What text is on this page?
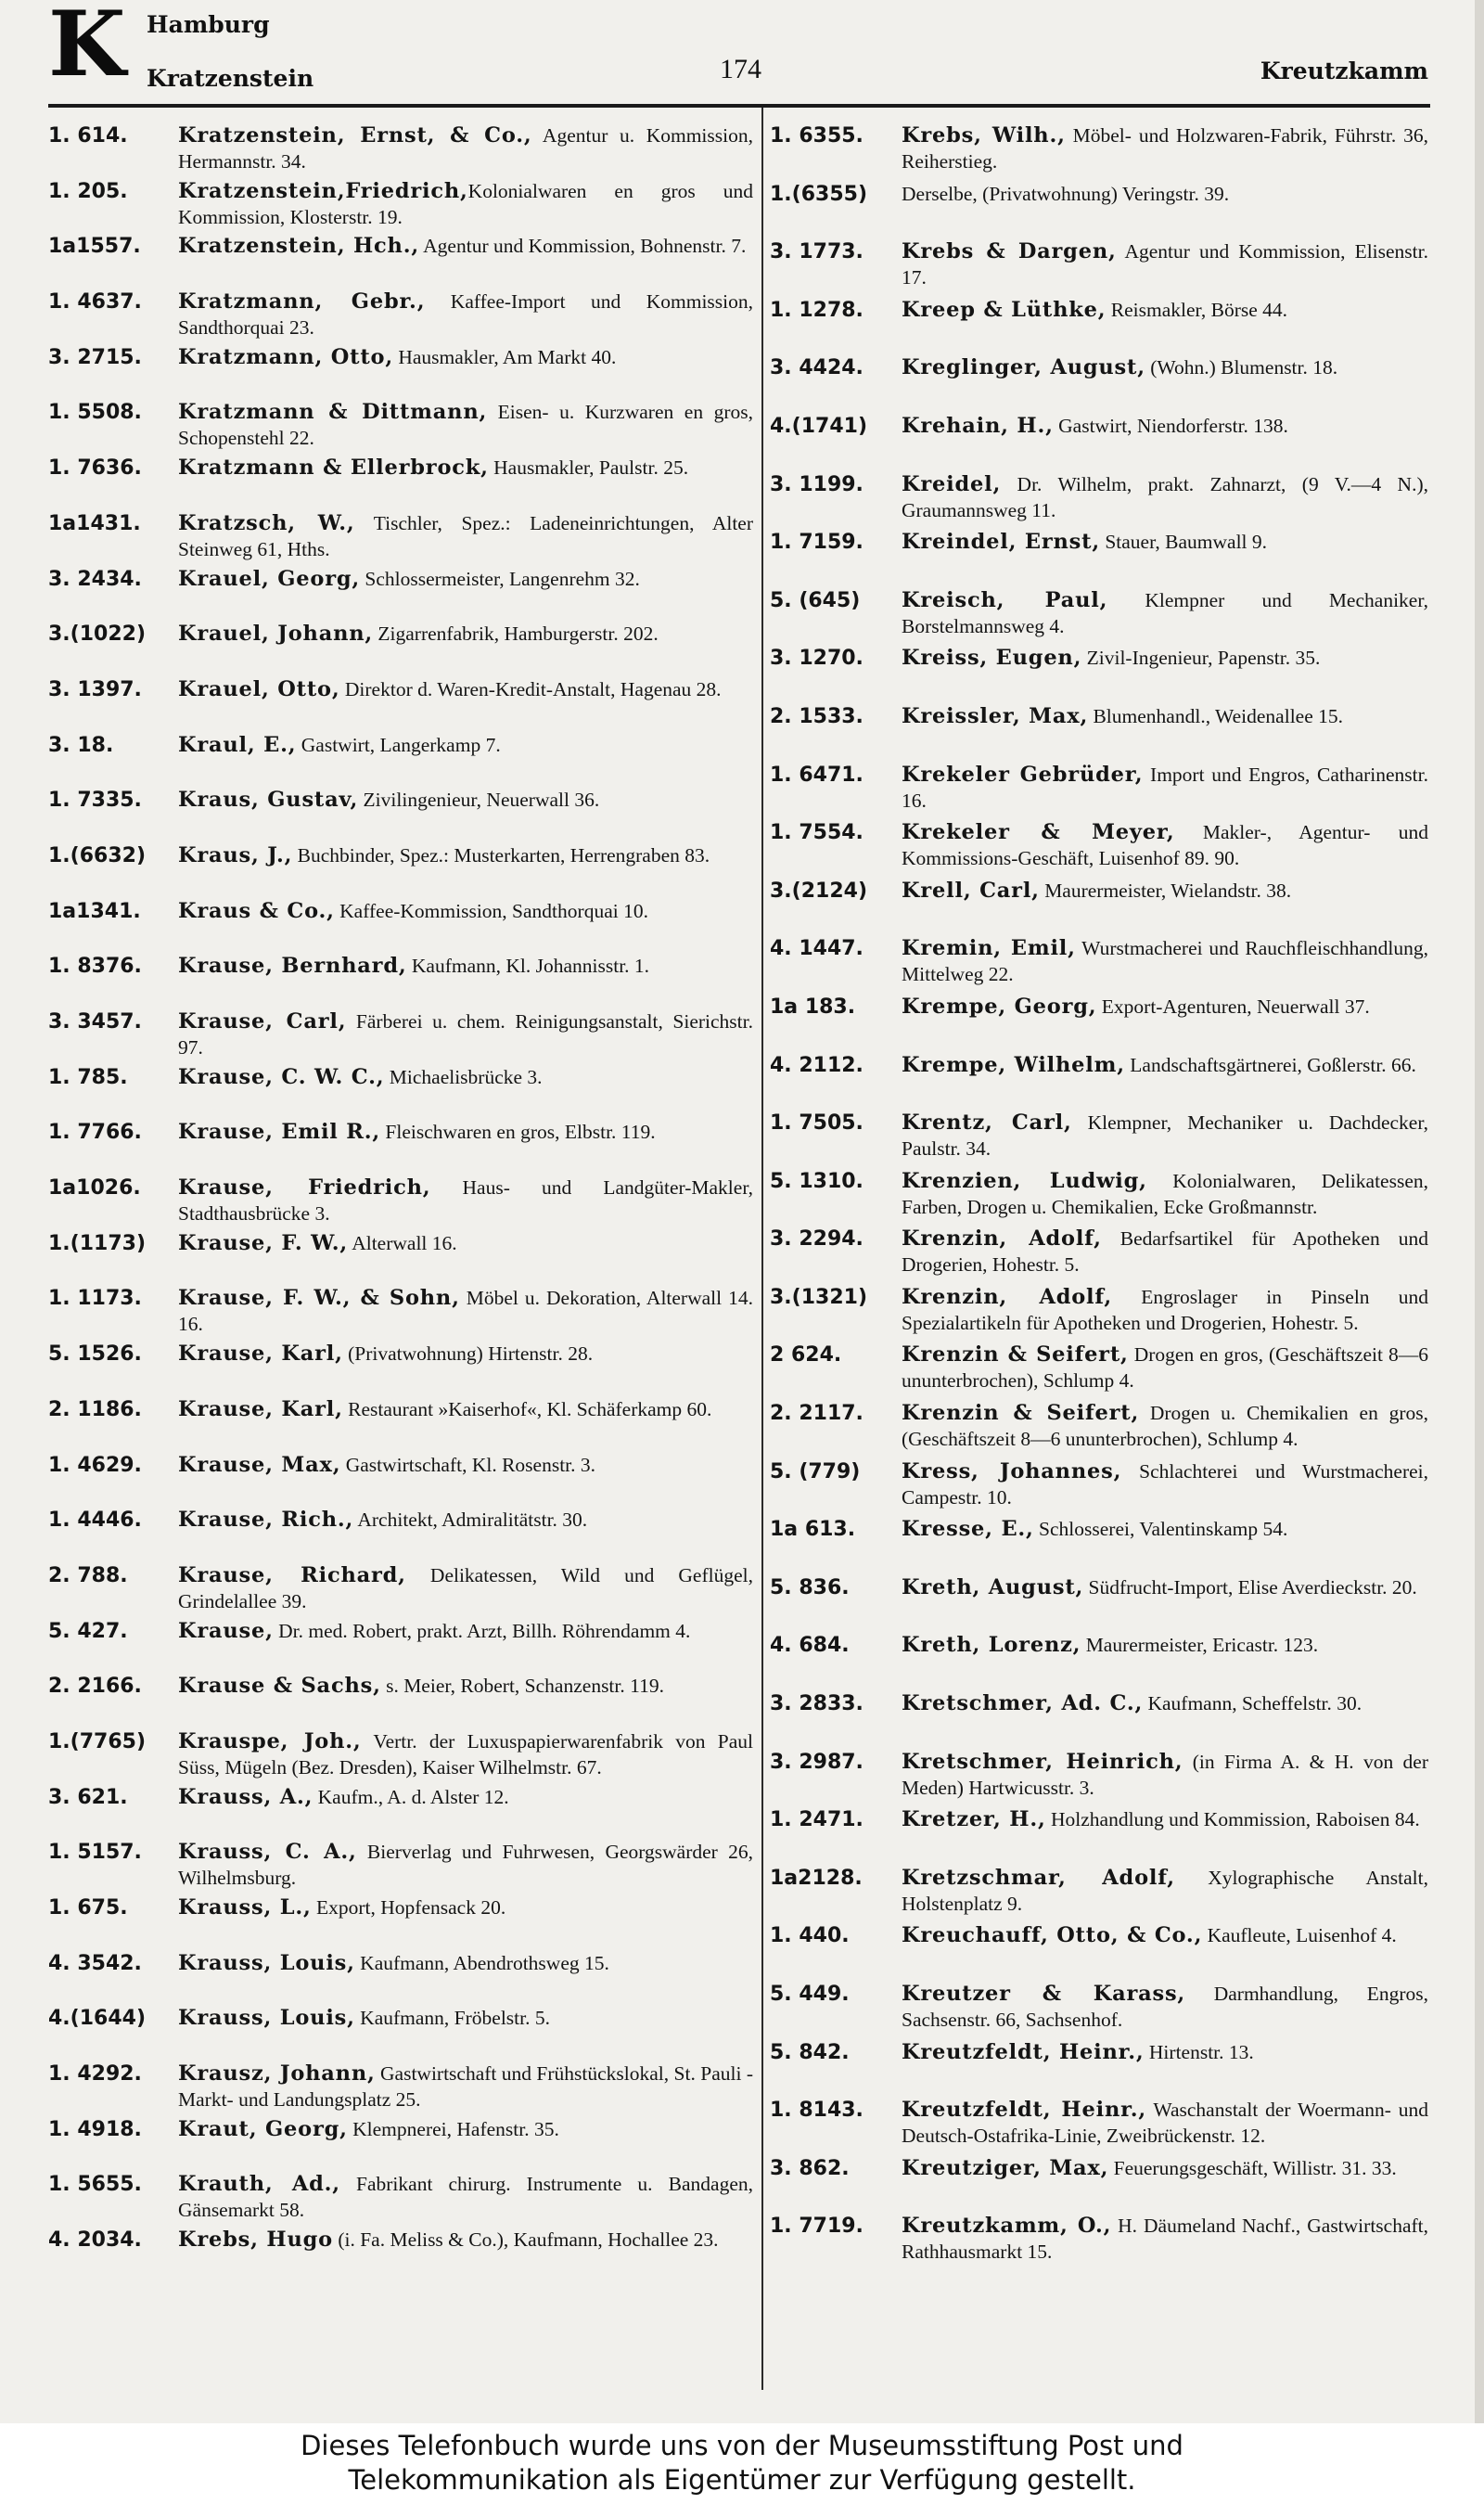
K Hamburg
Kratzenstein	174	Kreutzkamm
1. 614.	Kratzenstein, Ernst, & Co., Agentur u. Kommission, Hermannstr. 34.
1. 205.	Kratzenstein,Friedrich,Kolonialwaren en gros und Kommission, Klosterstr. 19.
1a1557.	Kratzenstein, Hch., Agentur und Kommission, Bohnenstr. 7.
1. 4637.	Kratzmann, Gebr., Kaffee-Import und Kommission, Sandthorquai 23.
3. 2715.	Kratzmann, Otto, Hausmakler, Am Markt 40.
1. 5508.	Kratzmann & Dittmann, Eisen- u. Kurzwaren en gros, Schopenstehl 22.
1. 7636.	Kratzmann & Ellerbrock, Hausmakler, Paulstr. 25.
1a1431.	Kratzsch, W., Tischler, Spez.: Ladeneinrichtungen, Alter Steinweg 61, Hths.
3. 2434.	Krauel, Georg, Schlossermeister, Langenrehm 32.
3.(1022)	Krauel, Johann, Zigarrenfabrik, Hamburgerstr. 202.
3. 1397.	Krauel, Otto, Direktor d. Waren-Kredit-Anstalt, Hagenau 28.
3. 18.	Kraul, E., Gastwirt, Langerkamp 7.
1. 7335.	Kraus, Gustav, Zivilingenieur, Neuerwall 36.
1.(6632)	Kraus, J., Buchbinder, Spez.: Musterkarten, Herrengraben 83.
1a1341.	Kraus & Co., Kaffee-Kommission, Sandthorquai 10.
1. 8376.	Krause, Bernhard, Kaufmann, Kl. Johannisstr. 1.
3. 3457.	Krause, Carl, Färberei u. chem. Reinigungsanstalt, Sierichstr. 97.
1. 785.	Krause, C. W. C., Michaelisbrücke 3.
1. 7766.	Krause, Emil R., Fleischwaren en gros, Elbstr. 119.
1a1026.	Krause, Friedrich, Haus- und Landgüter-Makler, Stadthausbrücke 3.
1.(1173)	Krause, F. W., Alterwall 16.
1. 1173.	Krause, F. W., & Sohn, Möbel u. Dekoration, Alterwall 14. 16.
5. 1526.	Krause, Karl, (Privatwohnung) Hirtenstr. 28.
2. 1186.	Krause, Karl, Restaurant »Kaiserhof«, Kl. Schäferkamp 60.
1. 4629.	Krause, Max, Gastwirtschaft, Kl. Rosenstr. 3.
1. 4446.	Krause, Rich., Architekt, Admiralitätstr. 30.
2. 788.	Krause, Richard, Delikatessen, Wild und Geflügel, Grindelallee 39.
5. 427.	Krause, Dr. med. Robert, prakt. Arzt, Billh. Röhrendamm 4.
2. 2166.	Krause & Sachs, s. Meier, Robert, Schanzenstr. 119.
1.(7765)	Krauspe, Joh., Vertr. der Luxuspapierwarenfabrik von Paul Süss, Mügeln (Bez. Dresden), Kaiser Wilhelmstr. 67.
3. 621.	Krauss, A., Kaufm., A. d. Alster 12.
1. 5157.	Krauss, C. A., Bierverlag und Fuhrwesen, Georgswärder 26, Wilhelmsburg.
1. 675.	Krauss, L., Export, Hopfensack 20.
4. 3542.	Krauss, Louis, Kaufmann, Abendrothsweg 15.
4.(1644)	Krauss, Louis, Kaufmann, Fröbelstr. 5.
1. 4292.	Krausz, Johann, Gastwirtschaft und Frühstückslokal, St. Pauli - Markt- und Landungsplatz 25.
1. 4918.	Kraut, Georg, Klempnerei, Hafenstr. 35.
1. 5655.	Krauth, Ad., Fabrikant chirurg. Instrumente u. Bandagen, Gänsemarkt 58.
4. 2034.	Krebs, Hugo (i. Fa. Meliss & Co.), Kaufmann, Hochallee 23.
1. 6355.	Krebs, Wilh., Möbel- und Holzwaren-Fabrik, Führstr. 36, Reiherstieg.
1.(6355)	Derselbe, (Privatwohnung) Veringstr. 39.
3. 1773.	Krebs & Dargen, Agentur und Kommission, Elisenstr. 17.
1. 1278.	Kreep & Lüthke, Reismakler, Börse 44.
3. 4424.	Kreglinger, August, (Wohn.) Blumenstr. 18.
4.(1741)	Krehain, H., Gastwirt, Niendorferstr. 138.
3. 1199.	Kreidel, Dr. Wilhelm, prakt. Zahnarzt, (9 V.—4 N.), Graumannsweg 11.
1. 7159.	Kreindel, Ernst, Stauer, Baumwall 9.
5. (645)	Kreisch, Paul, Klempner und Mechaniker, Borstelmannsweg 4.
3. 1270.	Kreiss, Eugen, Zivil-Ingenieur, Papenstr. 35.
2. 1533.	Kreissler, Max, Blumenhandl., Weidenallee 15.
1. 6471.	Krekeler Gebrüder, Import und Engros, Catharinenstr. 16.
1. 7554.	Krekeler & Meyer, Makler-, Agentur- und Kommissions-Geschäft, Luisenhof 89. 90.
3.(2124)	Krell, Carl, Maurermeister, Wielandstr. 38.
4. 1447.	Kremin, Emil, Wurstmacherei und Rauchfleischhandlung, Mittelweg 22.
1a 183.	Krempe, Georg, Export-Agenturen, Neuerwall 37.
4. 2112.	Krempe, Wilhelm, Landschaftsgärtnerei, Goßlerstr. 66.
1. 7505.	Krentz, Carl, Klempner, Mechaniker u. Dachdecker, Paulstr. 34.
5. 1310.	Krenzien, Ludwig, Kolonialwaren, Delikatessen, Farben, Drogen u. Chemikalien, Ecke Großmannstr.
3. 2294.	Krenzin, Adolf, Bedarfsartikel für Apotheken und Drogerien, Hohestr. 5.
3.(1321)	Krenzin, Adolf, Engroslager in Pinseln und Spezialartikeln für Apotheken und Drogerien, Hohestr. 5.
2 624.	Krenzin & Seifert, Drogen en gros, (Geschäftszeit 8—6 ununterbrochen), Schlump 4.
2. 2117.	Krenzin & Seifert, Drogen u. Chemikalien en gros, (Geschäftszeit 8—6 ununterbrochen), Schlump 4.
5. (779)	Kress, Johannes, Schlachterei und Wurstmacherei, Campestr. 10.
1a 613.	Kresse, E., Schlosserei, Valentinskamp 54.
5. 836.	Kreth, August, Südfrucht-Import, Elise Averdieckstr. 20.
4. 684.	Kreth, Lorenz, Maurermeister, Ericastr. 123.
3. 2833.	Kretschmer, Ad. C., Kaufmann, Scheffelstr. 30.
3. 2987.	Kretschmer, Heinrich, (in Firma A. & H. von der Meden) Hartwicusstr. 3.
1. 2471.	Kretzer, H., Holzhandlung und Kommission, Raboisen 84.
1a2128.	Kretzschmar, Adolf, Xylographische Anstalt, Holstenplatz 9.
1. 440.	Kreuchauff, Otto, & Co., Kaufleute, Luisenhof 4.
5. 449.	Kreutzer & Karass, Darmhandlung, Engros, Sachsenstr. 66, Sachsenhof.
5. 842.	Kreutzfeldt, Heinr., Hirtenstr. 13.
1. 8143.	Kreutzfeldt, Heinr., Waschanstalt der Woermann- und Deutsch-Ostafrika-Linie, Zweibrückenstr. 12.
3. 862.	Kreutziger, Max, Feuerungsgeschäft, Willistr. 31. 33.
1. 7719.	Kreutzkamm, O., H. Däumeland Nachf., Gastwirtschaft, Rathhausmarkt 15.
Dieses Telefonbuch wurde uns von der Museumsstiftung Post und
Telekommunikation als Eigentümer zur Verfügung gestellt.
